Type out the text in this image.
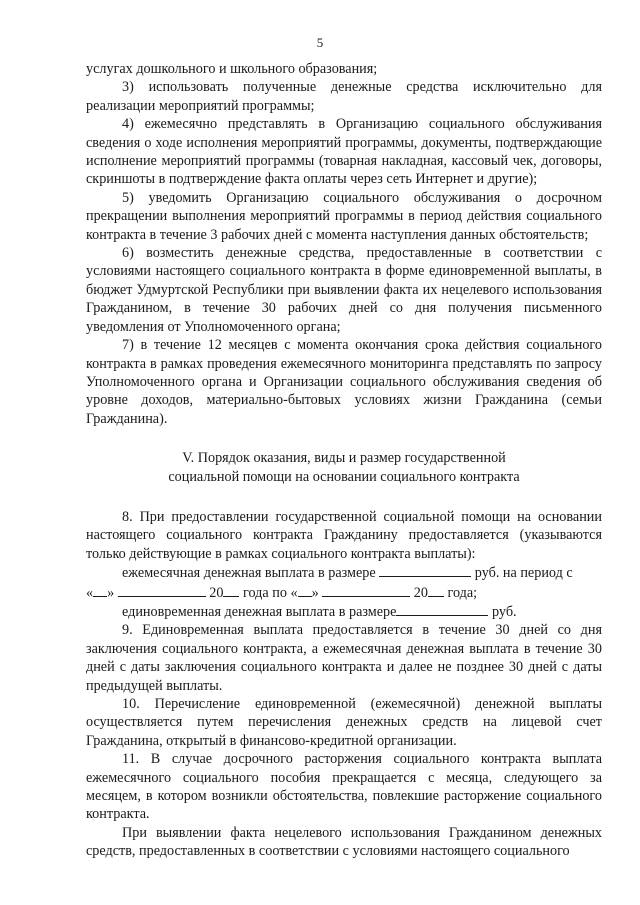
5

услугах дошкольного и школьного образования;

3) использовать полученные денежные средства исключительно для реализации мероприятий программы;

4) ежемесячно представлять в Организацию социального обслуживания сведения о ходе исполнения мероприятий программы, документы, подтверждающие исполнение мероприятий программы (товарная накладная, кассовый чек, договоры, скриншоты в подтверждение факта оплаты через сеть Интернет и другие);

5) уведомить Организацию социального обслуживания о досрочном прекращении выполнения мероприятий программы в период действия социального контракта в течение 3 рабочих дней с момента наступления данных обстоятельств;

6) возместить денежные средства, предоставленные в соответствии с условиями настоящего социального контракта в форме единовременной выплаты, в бюджет Удмуртской Республики при выявлении факта их нецелевого использования Гражданином, в течение 30 рабочих дней со дня получения письменного уведомления от Уполномоченного органа;

7) в течение 12 месяцев с момента окончания срока действия социального контракта в рамках проведения ежемесячного мониторинга представлять по запросу Уполномоченного органа и Организации социального обслуживания сведения об уровне доходов, материально-бытовых условиях жизни Гражданина (семьи Гражданина).

V. Порядок оказания, виды и размер государственной
социальной помощи на основании социального контракта

8. При предоставлении государственной социальной помощи на основании настоящего социального контракта Гражданину предоставляется (указываются только действующие в рамках социального контракта выплаты):

ежемесячная денежная выплата в размере	руб. на период с
« »	20 года по « »	20 года;
единовременная денежная выплата в размере	руб.

9. Единовременная выплата предоставляется в течение 30 дней со дня заключения социального контракта, а ежемесячная денежная выплата в течение 30 дней с даты заключения социального контракта и далее не позднее 30 дней с даты предыдущей выплаты.

10. Перечисление единовременной (ежемесячной) денежной выплаты осуществляется путем перечисления денежных средств на лицевой счет Гражданина, открытый в финансово-кредитной организации.

11. В случае досрочного расторжения социального контракта выплата ежемесячного социального пособия прекращается с месяца, следующего за месяцем, в котором возникли обстоятельства, повлекшие расторжение социального контракта.

При выявлении факта нецелевого использования Гражданином денежных средств, предоставленных в соответствии с условиями настоящего социального
